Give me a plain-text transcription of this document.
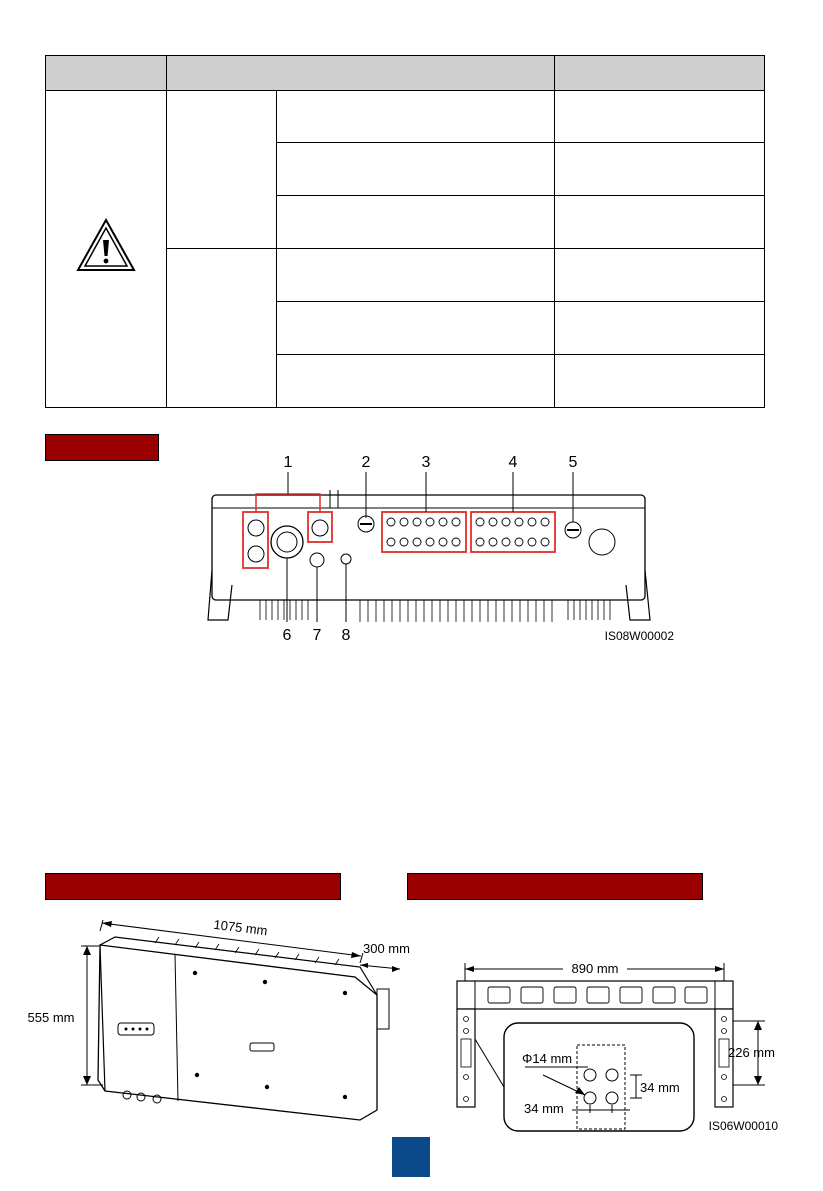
1	2	3	4	5
6 7 8	IS08W00002
1075 mm
300 mm
555 mm
890 mm
226 mm
Φ14 mm
34 mm
34 mm
IS06W00010
